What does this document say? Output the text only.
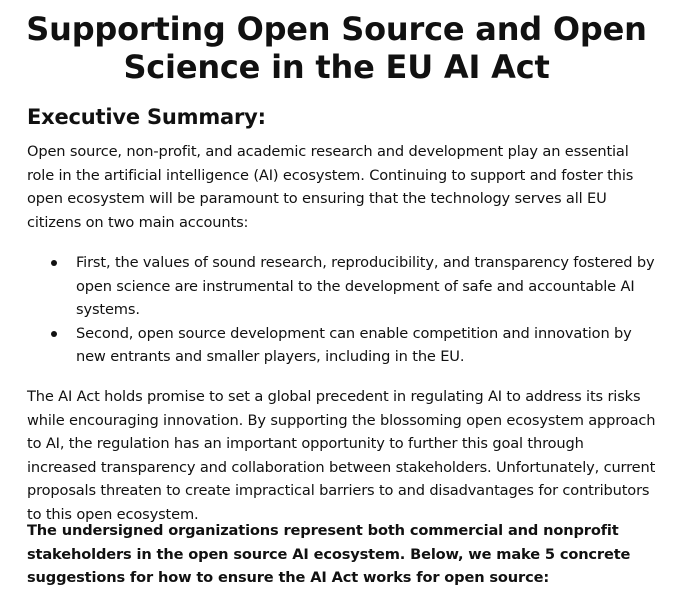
Supporting Open Source and Open Science in the EU AI Act
Executive Summary:

Open source, non-profit, and academic research and development play an essential role in the artificial intelligence (AI) ecosystem. Continuing to support and foster this open ecosystem will be paramount to ensuring that the technology serves all EU citizens on two main accounts:

First, the values of sound research, reproducibility, and transparency fostered by open science are instrumental to the development of safe and accountable AI systems.
Second, open source development can enable competition and innovation by new entrants and smaller players, including in the EU.

The AI Act holds promise to set a global precedent in regulating AI to address its risks while encouraging innovation. By supporting the blossoming open ecosystem approach to AI, the regulation has an important opportunity to further this goal through increased transparency and collaboration between stakeholders. Unfortunately, current proposals threaten to create impractical barriers to and disadvantages for contributors to this open ecosystem.

The undersigned organizations represent both commercial and nonprofit stakeholders in the open source AI ecosystem. Below, we make 5 concrete suggestions for how to ensure the AI Act works for open source:
